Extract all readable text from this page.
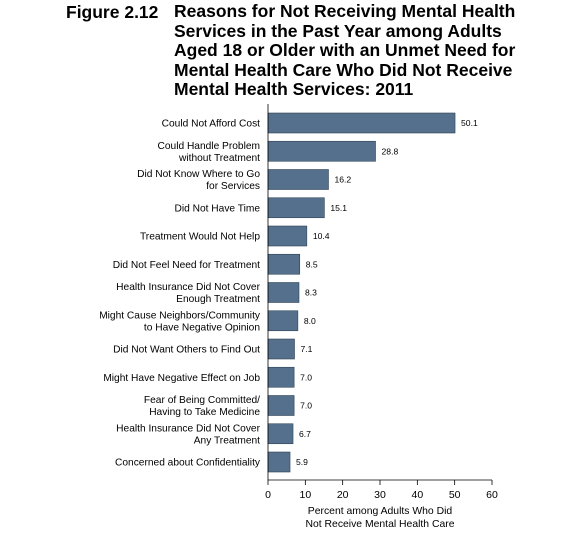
Figure 2.12 Reasons for Not Receiving Mental Health
Services in the Past Year among Adults
Aged 18 or Older with an Unmet Need for
Mental Health Care Who Did Not Receive
Mental Health Services: 2011
50.1
Could Not Afford Cost
28.8
Could Handle Problem without Treatment
16.2
Did Not Know Where to Go for Services
15.1
Did Not Have Time
10.4
Treatment Would Not Help
8.5
Did Not Feel Need for Treatment
8.3
Health Insurance Did Not Cover Enough Treatment
8.0
Might Cause Neighbors/Community to Have Negative Opinion
7.1
Did Not Want Others to Find Out
7.0
Might Have Negative Effect on Job
7.0
Fear of Being Committed/ Having to Take Medicine
6.7
Health Insurance Did Not Cover Any Treatment
5.9
Concerned about Confidentiality
0	10 20 30 40 50 60
Percent among Adults Who Did
Not Receive Mental Health Care
